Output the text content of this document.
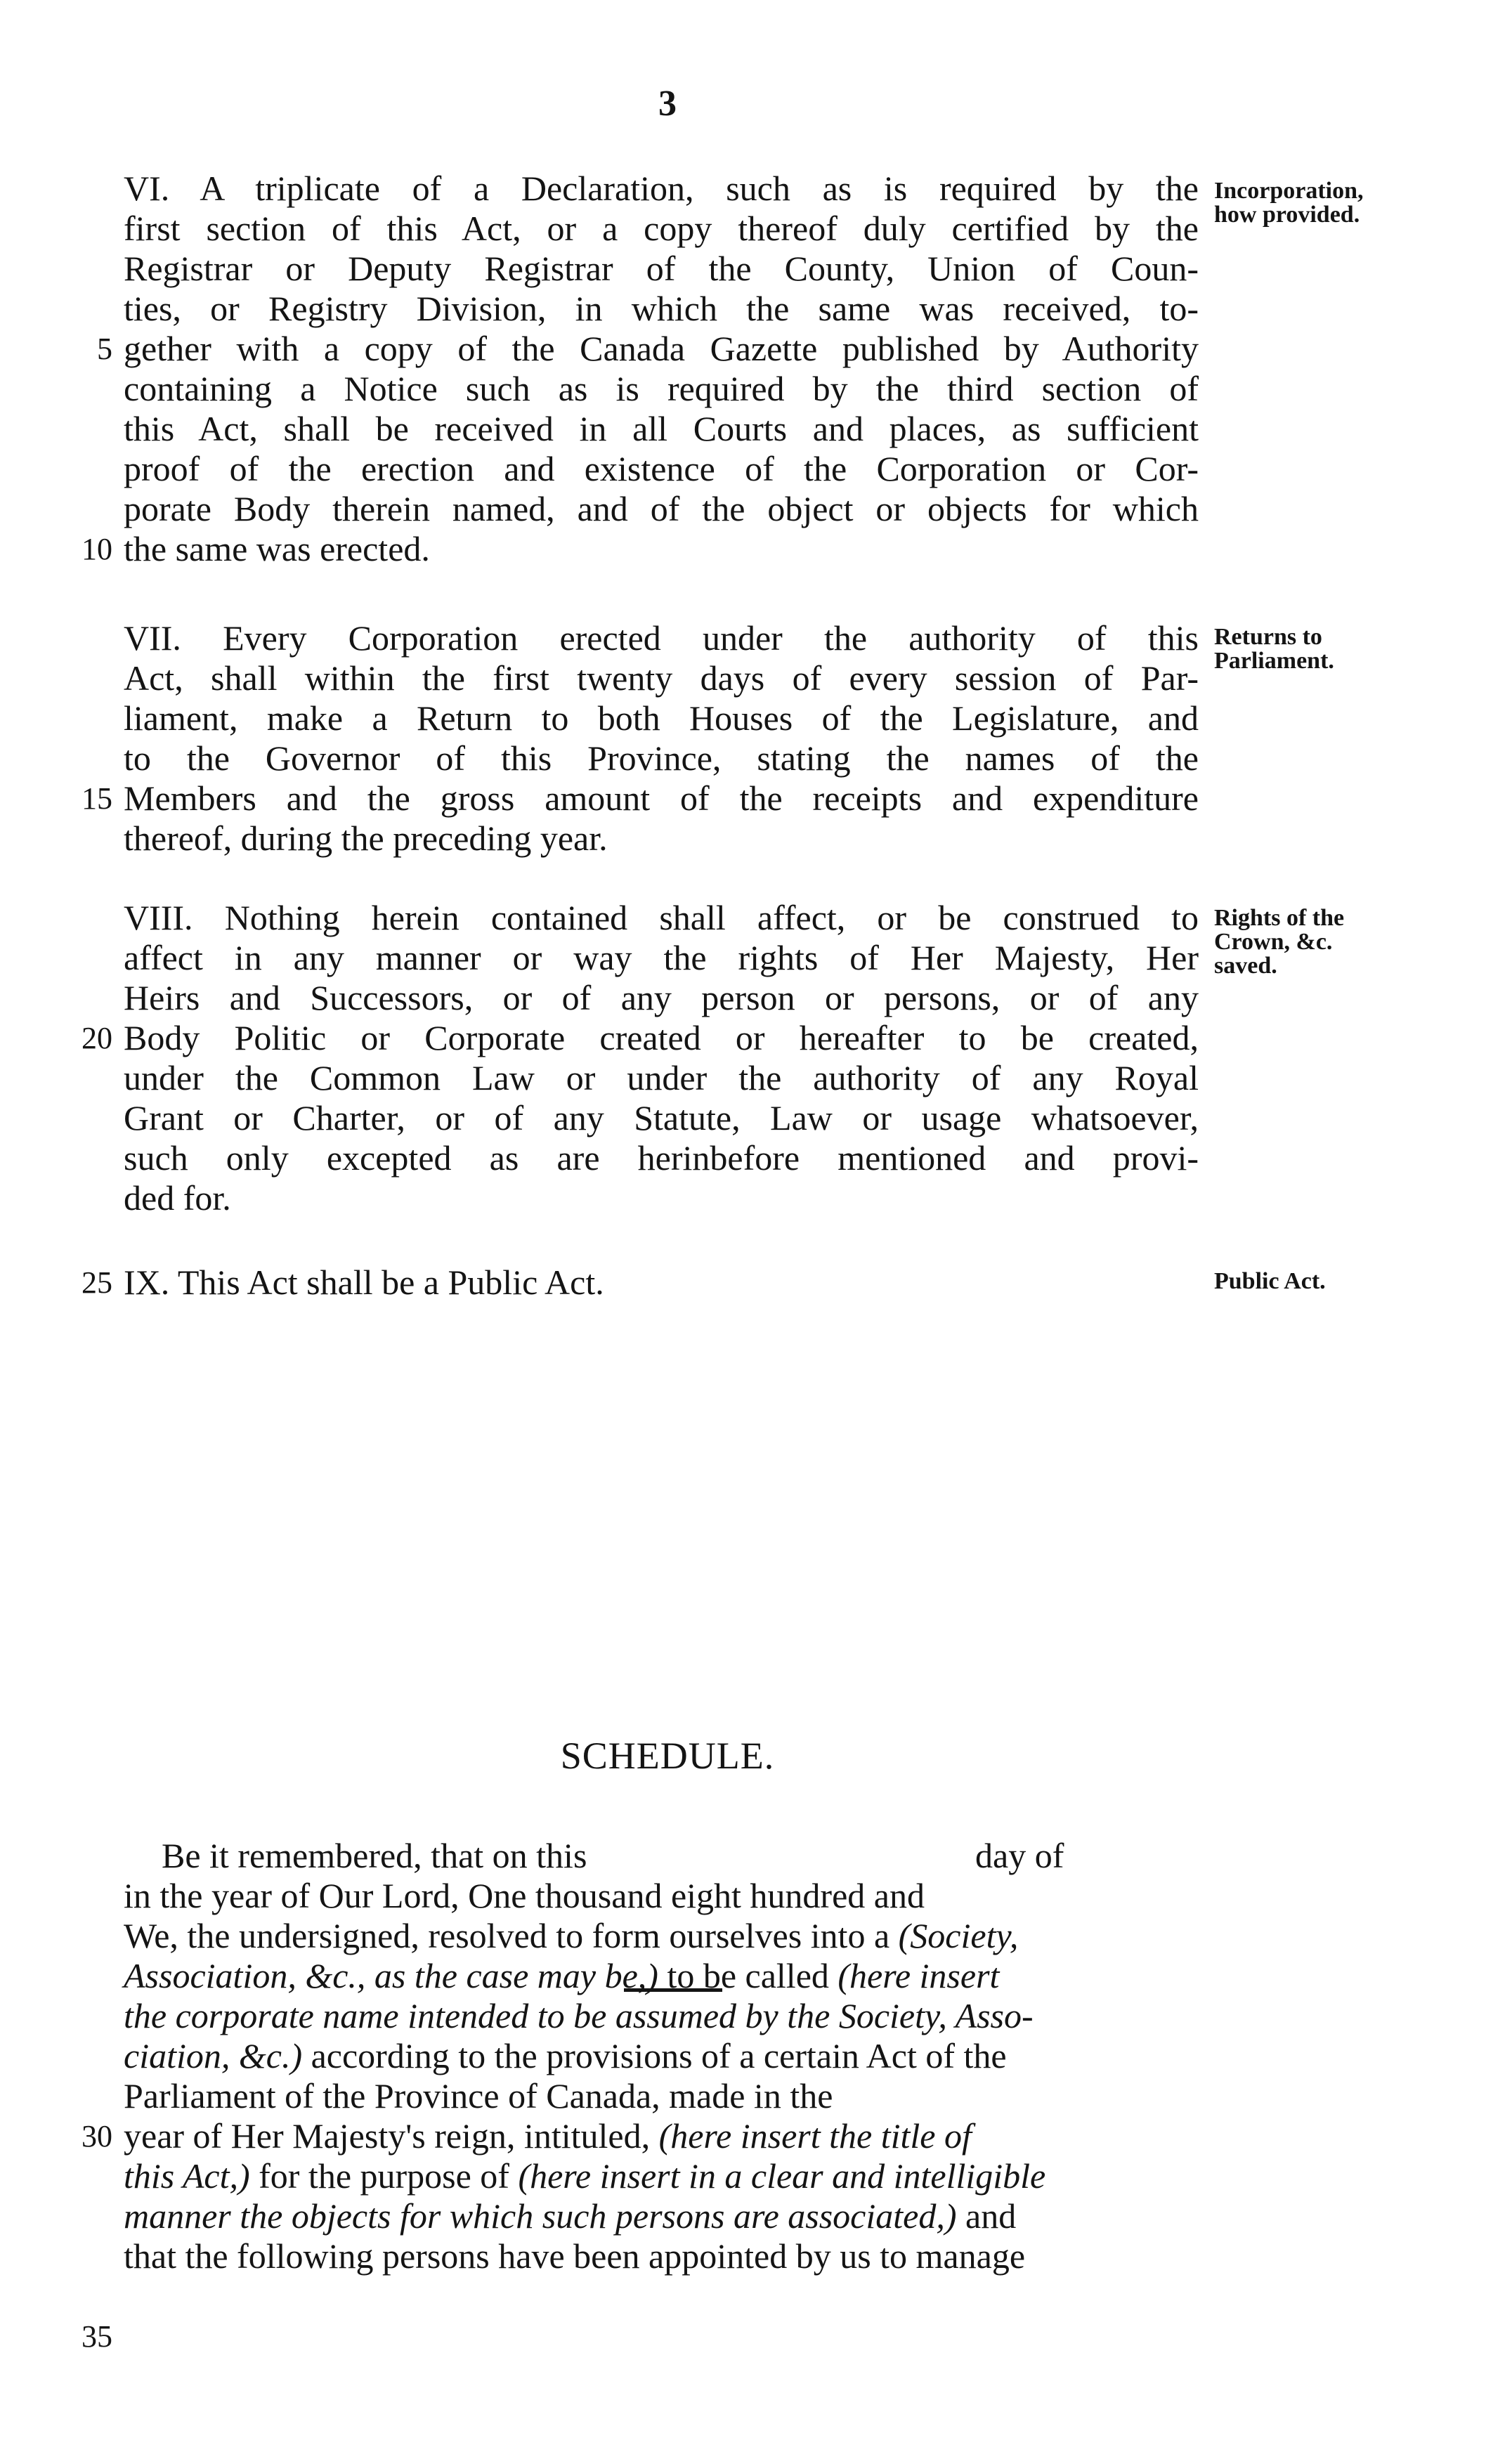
3
VI. A triplicate of a Declaration, such as is required by the
first section of this Act, or a copy thereof duly certified by the
Registrar or Deputy Registrar of the County, Union of Coun-
ties, or Registry Division, in which the same was received, to-
gether with a copy of the Canada Gazette published by Authority
containing a Notice such as is required by the third section of
this Act, shall be received in all Courts and places, as sufficient
proof of the erection and existence of the Corporation or Cor-
porate Body therein named, and of the object or objects for which
the same was erected.
Incorporation,
how provided.
VII. Every Corporation erected under the authority of this
Act, shall within the first twenty days of every session of Par-
liament, make a Return to both Houses of the Legislature, and
to the Governor of this Province, stating the names of the
Members and the gross amount of the receipts and expenditure
thereof, during the preceding year.
Returns to
Parliament.
VIII. Nothing herein contained shall affect, or be construed to
affect in any manner or way the rights of Her Majesty, Her
Heirs and Successors, or of any person or persons, or of any
Body Politic or Corporate created or hereafter to be created,
under the Common Law or under the authority of any Royal
Grant or Charter, or of any Statute, Law or usage whatsoever,
such only excepted as are herinbefore mentioned and provi-
ded for.
Rights of the
Crown, &c.
saved.
IX. This Act shall be a Public Act.	Public Act.
5
10
15
20
25
30
35
SCHEDULE.
Be it remembered, that on this	day of
in the year of Our Lord, One thousand eight hundred and
We, the undersigned, resolved to form ourselves into a (Society,
Association, &c., as the case may be,) to be called (here insert
the corporate name intended to be assumed by the Society, Asso-
ciation, &c.) according to the provisions of a certain Act of the
Parliament of the Province of Canada, made in the
year of Her Majesty's reign, intituled, (here insert the title of
this Act,) for the purpose of (here insert in a clear and intelligible
manner the objects for which such persons are associated,) and
that the following persons have been appointed by us to manage
